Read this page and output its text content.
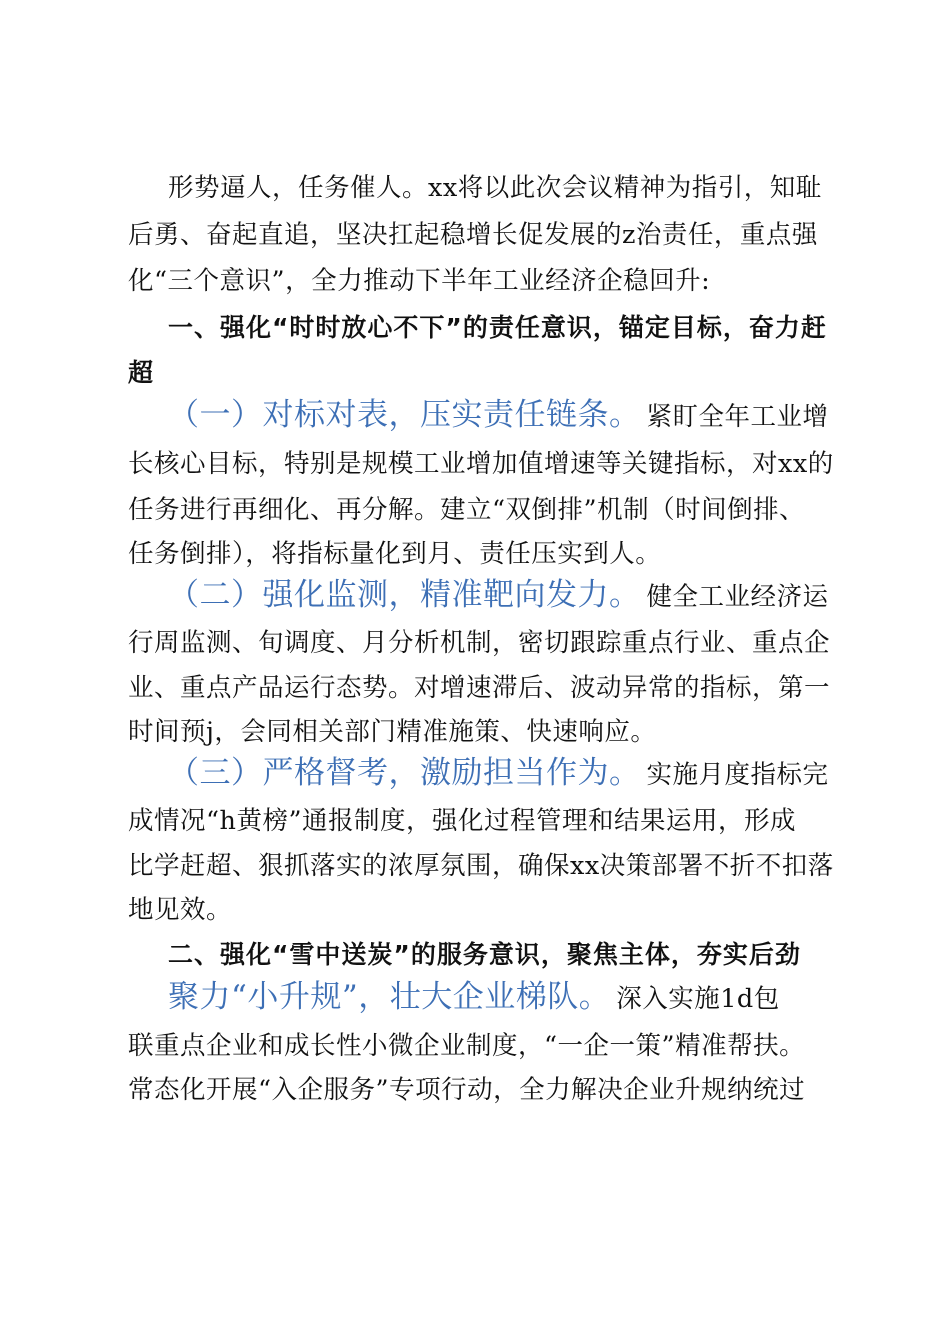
形势逼人，任务催人。xx将以此次会议精神为指引，知耻
后勇、奋起直追，坚决扛起稳增长促发展的z治责任，重点强
化“三个意识”，全力推动下半年工业经济企稳回升:
一、强化“时时放心不下”的责任意识，锚定目标，奋力赶
超
（一）对标对表，压实责任链条。 紧盯全年工业增
长核心目标，特别是规模工业增加值增速等关键指标，对xx的
任务进行再细化、再分解。建立“双倒排”机制（时间倒排、
任务倒排），将指标量化到月、责任压实到人。
（二）强化监测，精准靶向发力。 健全工业经济运
行周监测、旬调度、月分析机制，密切跟踪重点行业、重点企
业、重点产品运行态势。对增速滞后、波动异常的指标，第一
时间预j，会同相关部门精准施策、快速响应。
（三）严格督考，激励担当作为。 实施月度指标完
成情况“h黄榜”通报制度，强化过程管理和结果运用，形成
比学赶超、狠抓落实的浓厚氛围，确保xx决策部署不折不扣落
地见效。
二、强化“雪中送炭”的服务意识，聚焦主体，夯实后劲
聚力“小升规”，壮大企业梯队。 深入实施1d包
联重点企业和成长性小微企业制度，“一企一策”精准帮扶。
常态化开展“入企服务”专项行动，全力解决企业升规纳统过
